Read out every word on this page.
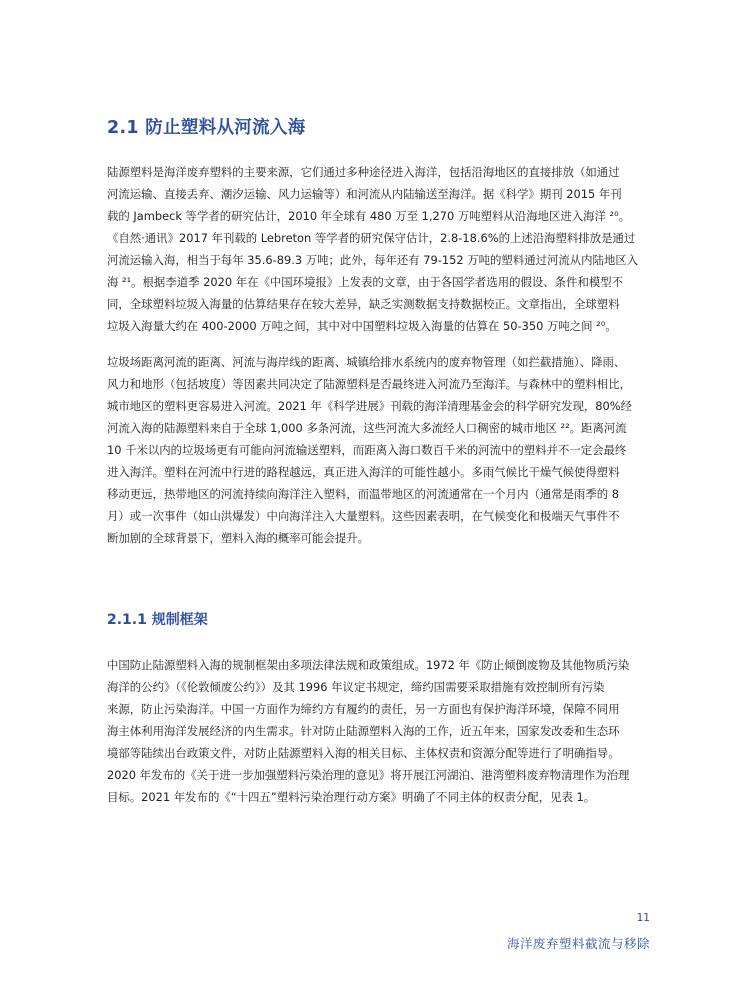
2.1 防止塑料从河流入海
陆源塑料是海洋废弃塑料的主要来源，它们通过多种途径进入海洋，包括沿海地区的直接排放（如通过
河流运输、直接丢弃、潮汐运输、风力运输等）和河流从内陆输送至海洋。据《科学》期刊 2015 年刊
载的 Jambeck 等学者的研究估计，2010 年全球有 480 万至 1,270 万吨塑料从沿海地区进入海洋 ²⁰。
《自然·通讯》2017 年刊载的 Lebreton 等学者的研究保守估计，2.8-18.6%的上述沿海塑料排放是通过
河流运输入海，相当于每年 35.6-89.3 万吨；此外，每年还有 79-152 万吨的塑料通过河流从内陆地区入
海 ²¹。根据李道季 2020 年在《中国环境报》上发表的文章，由于各国学者选用的假设、条件和模型不
同，全球塑料垃圾入海量的估算结果存在较大差异，缺乏实测数据支持数据校正。文章指出，全球塑料
垃圾入海量大约在 400-2000 万吨之间，其中对中国塑料垃圾入海量的估算在 50-350 万吨之间 ²⁰。
垃圾场距离河流的距离、河流与海岸线的距离、城镇给排水系统内的废弃物管理（如拦截措施）、降雨、
风力和地形（包括坡度）等因素共同决定了陆源塑料是否最终进入河流乃至海洋。与森林中的塑料相比，
城市地区的塑料更容易进入河流。2021 年《科学进展》刊载的海洋清理基金会的科学研究发现，80%经
河流入海的陆源塑料来自于全球 1,000 多条河流，这些河流大多流经人口稠密的城市地区 ²²。距离河流
10 千米以内的垃圾场更有可能向河流输送塑料，而距离入海口数百千米的河流中的塑料并不一定会最终
进入海洋。塑料在河流中行进的路程越远，真正进入海洋的可能性越小。多雨气候比干燥气候使得塑料
移动更远，热带地区的河流持续向海洋注入塑料，而温带地区的河流通常在一个月内（通常是雨季的 8
月）或一次事件（如山洪爆发）中向海洋注入大量塑料。这些因素表明，在气候变化和极端天气事件不
断加剧的全球背景下，塑料入海的概率可能会提升。
2.1.1 规制框架
中国防止陆源塑料入海的规制框架由多项法律法规和政策组成。1972 年《防止倾倒废物及其他物质污染
海洋的公约》（《伦敦倾废公约》）及其 1996 年议定书规定，缔约国需要采取措施有效控制所有污染
来源，防止污染海洋。中国一方面作为缔约方有履约的责任，另一方面也有保护海洋环境，保障不同用
海主体利用海洋发展经济的内生需求。针对防止陆源塑料入海的工作，近五年来，国家发改委和生态环
境部等陆续出台政策文件，对防止陆源塑料入海的相关目标、主体权责和资源分配等进行了明确指导。
2020 年发布的《关于进一步加强塑料污染治理的意见》将开展江河湖泊、港湾塑料废弃物清理作为治理
目标。2021 年发布的《“十四五”塑料污染治理行动方案》明确了不同主体的权责分配，见表 1。
11
海洋废弃塑料截流与移除
